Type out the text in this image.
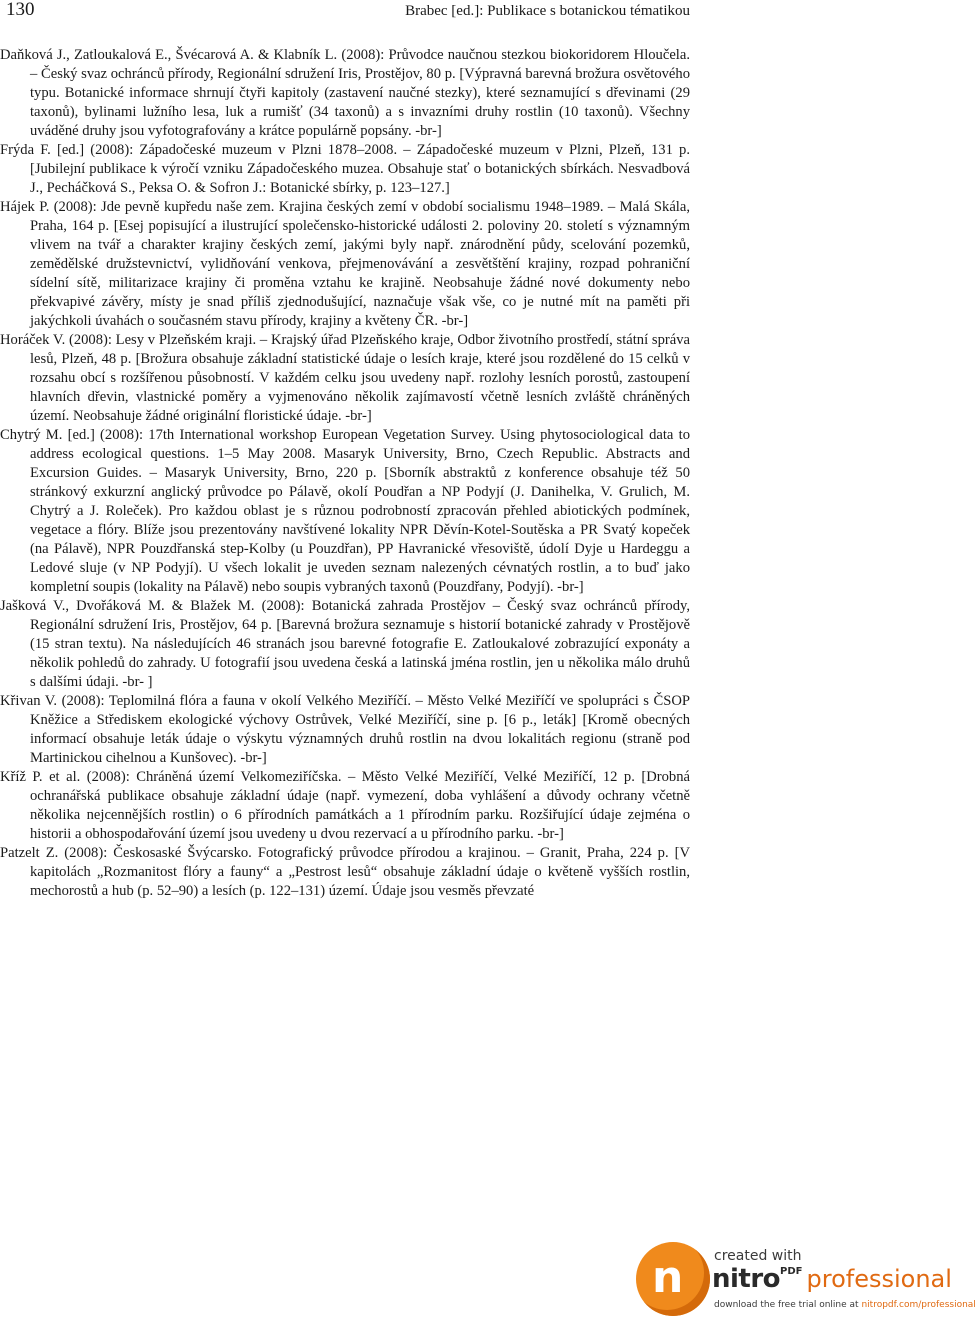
130	Brabec [ed.]: Publikace s botanickou tématikou

Daňková J., Zatloukalová E., Švécarová A. & Klabník L. (2008): Průvodce naučnou stezkou biokoridorem Hloučela. – Český svaz ochránců přírody, Regionální sdružení Iris, Prostějov, 80 p. [Výpravná barevná brožura osvětového typu. Botanické informace shrnují čtyři kapitoly (zastavení naučné stezky), které seznamující s dřevinami (29 taxonů), bylinami lužního lesa, luk a rumišť (34 taxonů) a s invazními druhy rostlin (10 taxonů). Všechny uváděné druhy jsou vyfotografovány a krátce populárně popsány. -br-]

Frýda F. [ed.] (2008): Západočeské muzeum v Plzni 1878–2008. – Západočeské muzeum v Plzni, Plzeň, 131 p. [Jubilejní publikace k výročí vzniku Západočeského muzea. Obsahuje stať o botanických sbírkách. Nesvadbová J., Pecháčková S., Peksa O. & Sofron J.: Botanické sbírky, p. 123–127.]

Hájek P. (2008): Jde pevně kupředu naše zem. Krajina českých zemí v období socialismu 1948–1989. – Malá Skála, Praha, 164 p. [Esej popisující a ilustrující společensko-historické události 2. poloviny 20. století s významným vlivem na tvář a charakter krajiny českých zemí, jakými byly např. znárodnění půdy, scelování pozemků, zemědělské družstevnictví, vylidňování venkova, přejmenovávání a zesvětštění krajiny, rozpad pohraniční sídelní sítě, militarizace krajiny či proměna vztahu ke krajině. Neobsahuje žádné nové dokumenty nebo překvapivé závěry, místy je snad příliš zjednodušující, naznačuje však vše, co je nutné mít na paměti při jakýchkoli úvahách o současném stavu přírody, krajiny a květeny ČR. -br-]

Horáček V. (2008): Lesy v Plzeňském kraji. – Krajský úřad Plzeňského kraje, Odbor životního prostředí, státní správa lesů, Plzeň, 48 p. [Brožura obsahuje základní statistické údaje o lesích kraje, které jsou rozdělené do 15 celků v rozsahu obcí s rozšířenou působností. V každém celku jsou uvedeny např. rozlohy lesních porostů, zastoupení hlavních dřevin, vlastnické poměry a vyjmenováno několik zajímavostí včetně lesních zvláště chráněných území. Neobsahuje žádné originální floristické údaje. -br-]

Chytrý M. [ed.] (2008): 17th International workshop European Vegetation Survey. Using phytosociological data to address ecological questions. 1–5 May 2008. Masaryk University, Brno, Czech Republic. Abstracts and Excursion Guides. – Masaryk University, Brno, 220 p. [Sborník abstraktů z konference obsahuje též 50 stránkový exkurzní anglický průvodce po Pálavě, okolí Poudřan a NP Podyjí (J. Danihelka, V. Grulich, M. Chytrý a J. Roleček). Pro každou oblast je s různou podrobností zpracován přehled abiotických podmínek, vegetace a flóry. Blíže jsou prezentovány navštívené lokality NPR Děvín-Kotel-Soutěska a PR Svatý kopeček (na Pálavě), NPR Pouzdřanská step-Kolby (u Pouzdřan), PP Havranické vřesoviště, údolí Dyje u Hardeggu a Ledové sluje (v NP Podyjí). U všech lokalit je uveden seznam nalezených cévnatých rostlin, a to buď jako kompletní soupis (lokality na Pálavě) nebo soupis vybraných taxonů (Pouzdřany, Podyjí). -br-]

Jašková V., Dvořáková M. & Blažek M. (2008): Botanická zahrada Prostějov – Český svaz ochránců přírody, Regionální sdružení Iris, Prostějov, 64 p. [Barevná brožura seznamuje s historií botanické zahrady v Prostějově (15 stran textu). Na následujících 46 stranách jsou barevné fotografie E. Zatloukalové zobrazující exponáty a několik pohledů do zahrady. U fotografií jsou uvedena česká a latinská jména rostlin, jen u několika málo druhů s dalšími údaji. -br- ]

Křivan V. (2008): Teplomilná flóra a fauna v okolí Velkého Meziříčí. – Město Velké Meziříčí ve spolupráci s ČSOP Kněžice a Střediskem ekologické výchovy Ostrůvek, Velké Meziříčí, sine p. [6 p., leták] [Kromě obecných informací obsahuje leták údaje o výskytu významných druhů rostlin na dvou lokalitách regionu (straně pod Martinickou cihelnou a Kunšovec). -br-]

Kříž P. et al. (2008): Chráněná území Velkomeziříčska. – Město Velké Meziříčí, Velké Meziříčí, 12 p. [Drobná ochranářská publikace obsahuje základní údaje (např. vymezení, doba vyhlášení a důvody ochrany včetně několika nejcennějších rostlin) o 6 přírodních památkách a 1 přírodním parku. Rozšiřující údaje zejména o historii a obhospodařování území jsou uvedeny u dvou rezervací a u přírodního parku. -br-]

Patzelt Z. (2008): Českosaské Švýcarsko. Fotografický průvodce přírodou a krajinou. – Granit, Praha, 224 p. [V kapitolách „Rozmanitost flóry a fauny“ a „Pestrost lesů“ obsahuje základní údaje o květeně vyšších rostlin, mechorostů a hub (p. 52–90) a lesích (p. 122–131) území. Údaje jsou vesměs převzaté

n created with
nitro$^{PDF}$ professional
download the free trial online at nitropdf.com/professional
